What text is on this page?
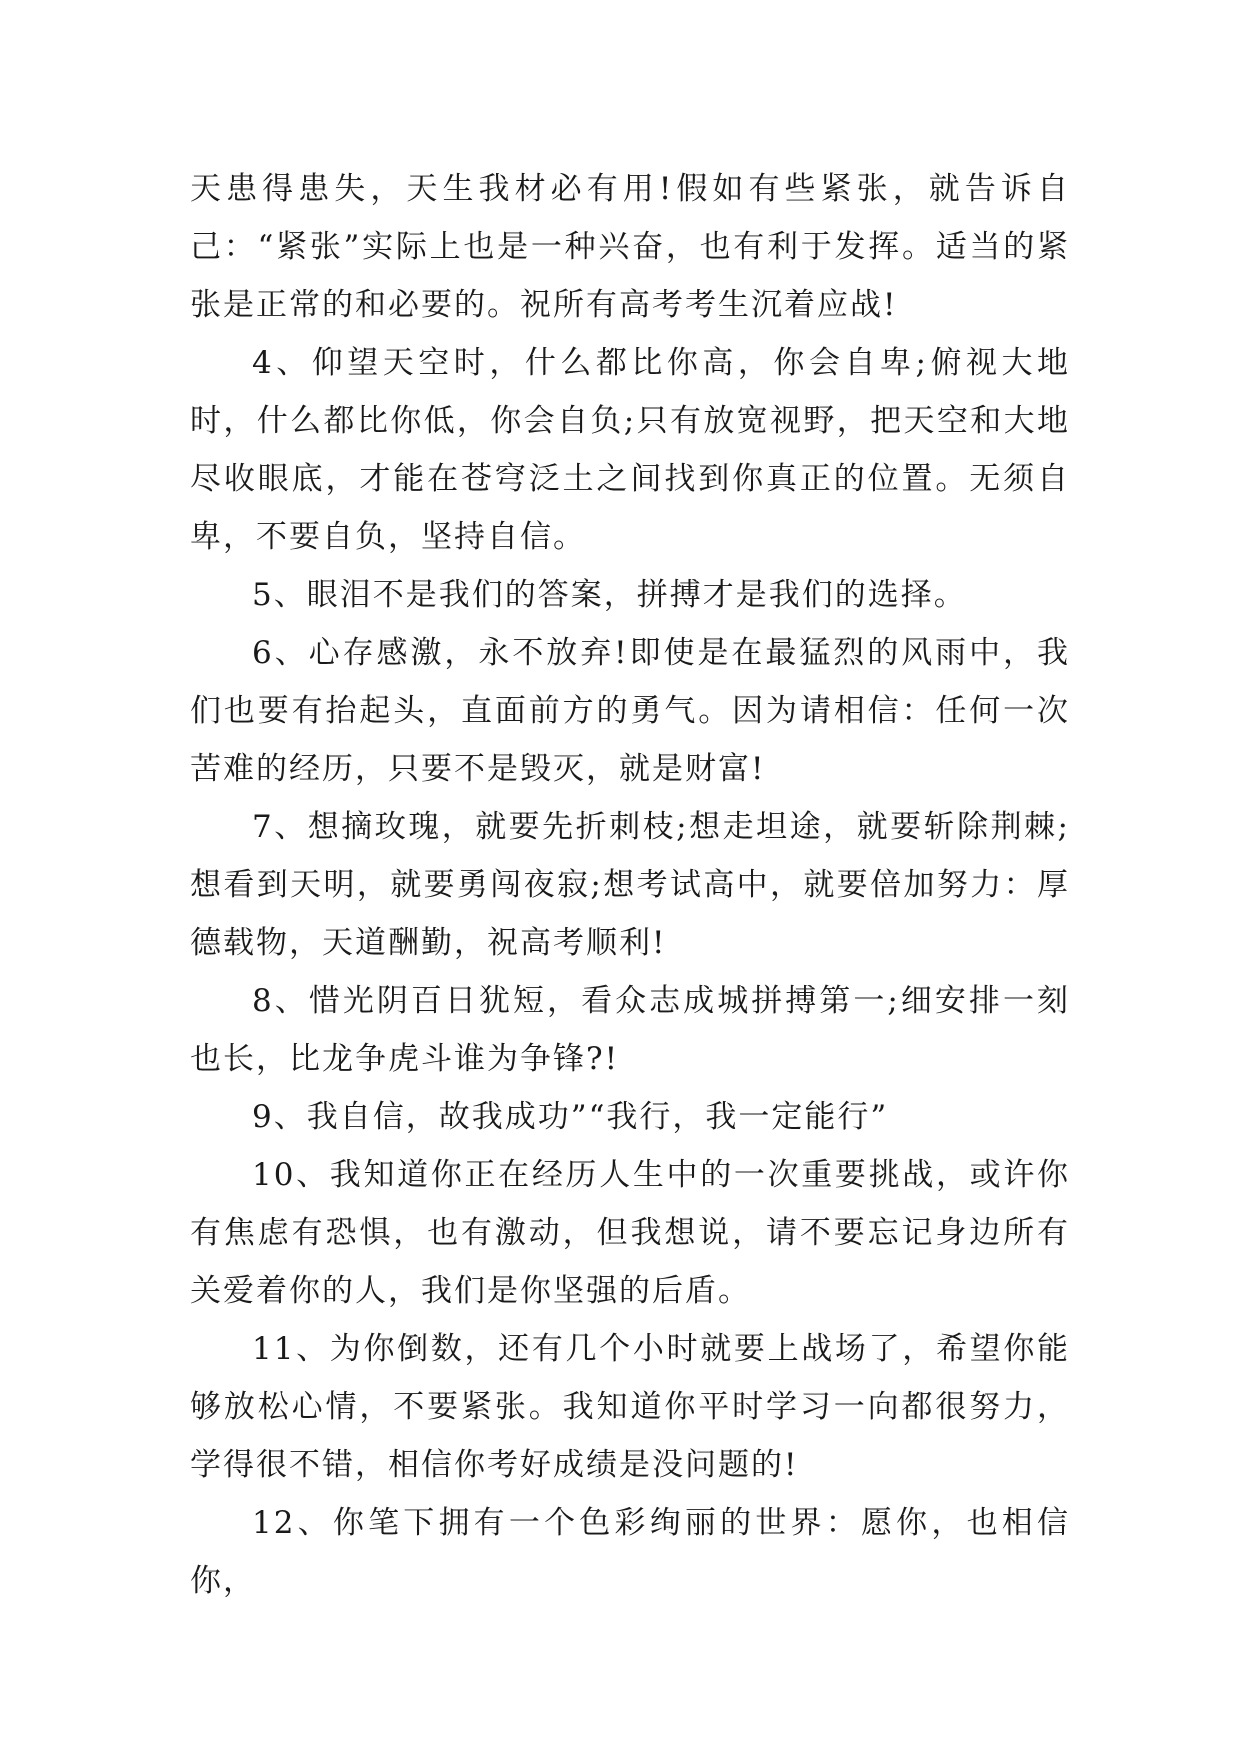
天患得患失，天生我材必有用!假如有些紧张，就告诉自己：“紧张”实际上也是一种兴奋，也有利于发挥。适当的紧张是正常的和必要的。祝所有高考考生沉着应战!

4、仰望天空时，什么都比你高，你会自卑;俯视大地时，什么都比你低，你会自负;只有放宽视野，把天空和大地尽收眼底，才能在苍穹泛土之间找到你真正的位置。无须自卑，不要自负，坚持自信。

5、眼泪不是我们的答案，拼搏才是我们的选择。

6、心存感激，永不放弃!即使是在最猛烈的风雨中，我们也要有抬起头，直面前方的勇气。因为请相信：任何一次苦难的经历，只要不是毁灭，就是财富!

7、想摘玫瑰，就要先折刺枝;想走坦途，就要斩除荆棘;想看到天明，就要勇闯夜寂;想考试高中，就要倍加努力：厚德载物，天道酬勤，祝高考顺利!

8、惜光阴百日犹短，看众志成城拼搏第一;细安排一刻也长，比龙争虎斗谁为争锋?!

9、我自信，故我成功”“我行，我一定能行”

10、我知道你正在经历人生中的一次重要挑战，或许你有焦虑有恐惧，也有激动，但我想说，请不要忘记身边所有关爱着你的人，我们是你坚强的后盾。

11、为你倒数，还有几个小时就要上战场了，希望你能够放松心情，不要紧张。我知道你平时学习一向都很努力，学得很不错，相信你考好成绩是没问题的!

12、你笔下拥有一个色彩绚丽的世界：愿你，也相信你，
